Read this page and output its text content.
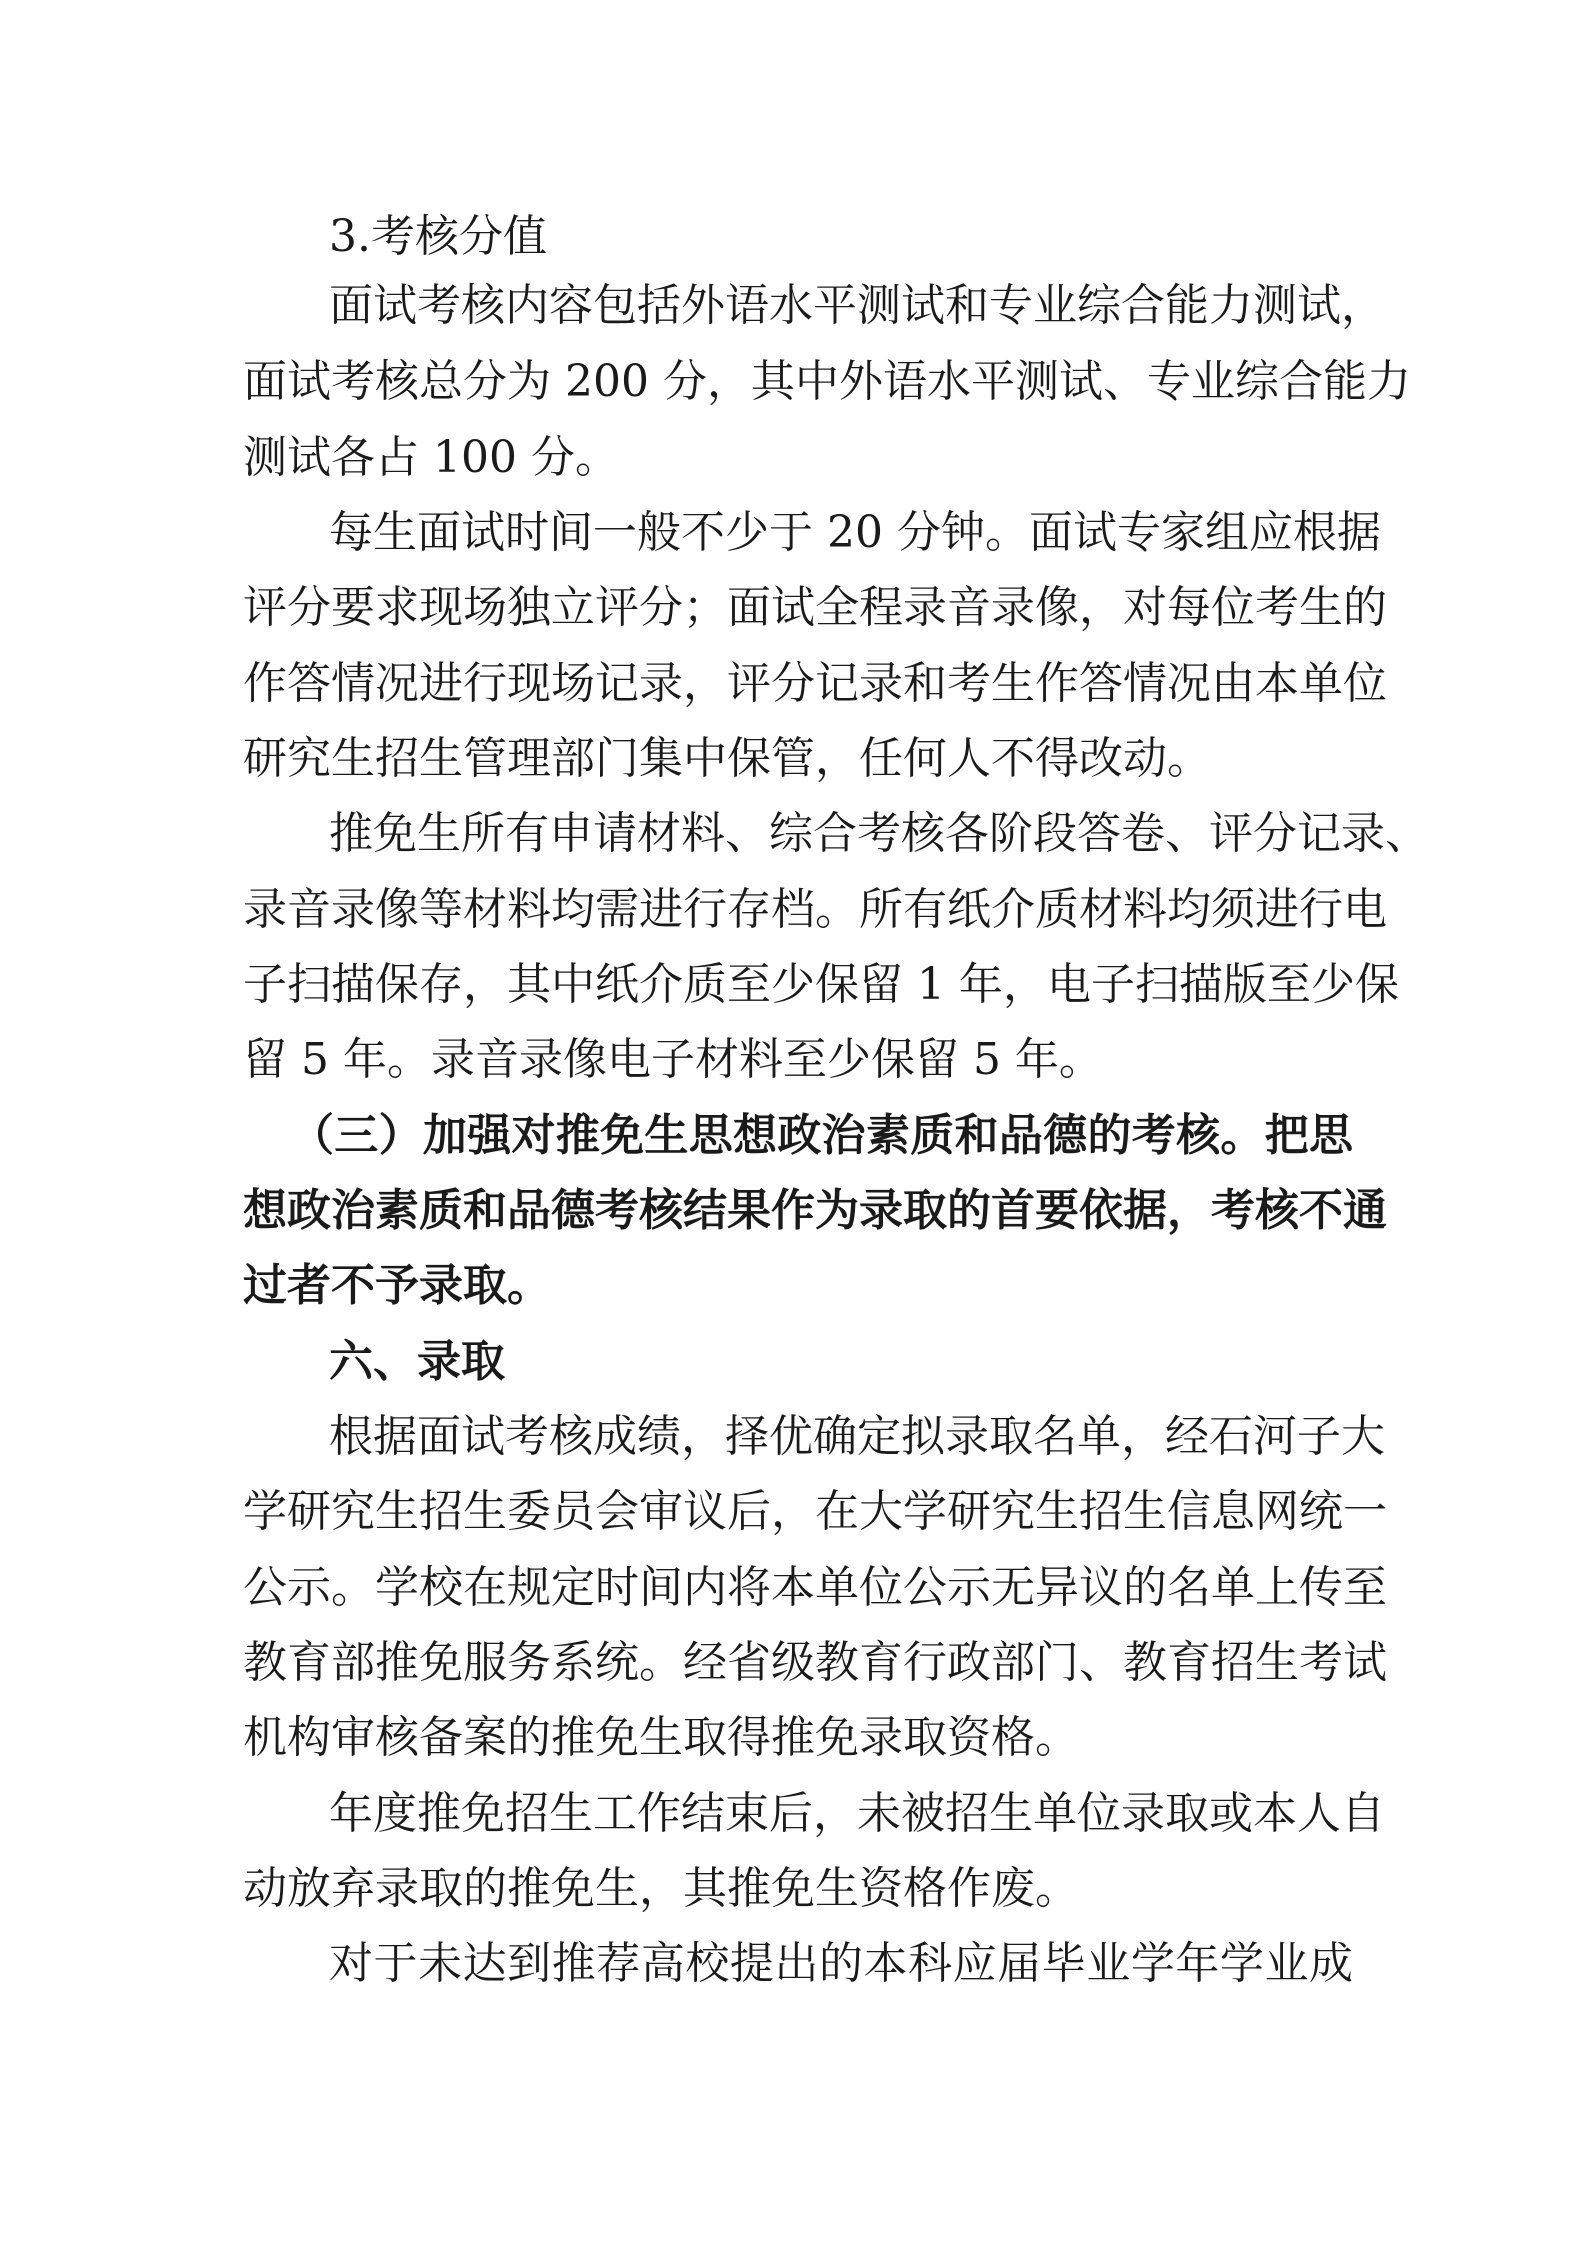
3.考核分值
面试考核内容包括外语水平测试和专业综合能力测试，
面试考核总分为 200 分，其中外语水平测试、专业综合能力
测试各占 100 分。
每生面试时间一般不少于 20 分钟。面试专家组应根据
评分要求现场独立评分；面试全程录音录像，对每位考生的
作答情况进行现场记录，评分记录和考生作答情况由本单位
研究生招生管理部门集中保管，任何人不得改动。
推免生所有申请材料、综合考核各阶段答卷、评分记录、
录音录像等材料均需进行存档。所有纸介质材料均须进行电
子扫描保存，其中纸介质至少保留 1 年，电子扫描版至少保
留 5 年。录音录像电子材料至少保留 5 年。
（三）加强对推免生思想政治素质和品德的考核。把思
想政治素质和品德考核结果作为录取的首要依据，考核不通
过者不予录取。
六、录取
根据面试考核成绩，择优确定拟录取名单，经石河子大
学研究生招生委员会审议后，在大学研究生招生信息网统一
公示。学校在规定时间内将本单位公示无异议的名单上传至
教育部推免服务系统。经省级教育行政部门、教育招生考试
机构审核备案的推免生取得推免录取资格。
年度推免招生工作结束后，未被招生单位录取或本人自
动放弃录取的推免生，其推免生资格作废。
对于未达到推荐高校提出的本科应届毕业学年学业成
